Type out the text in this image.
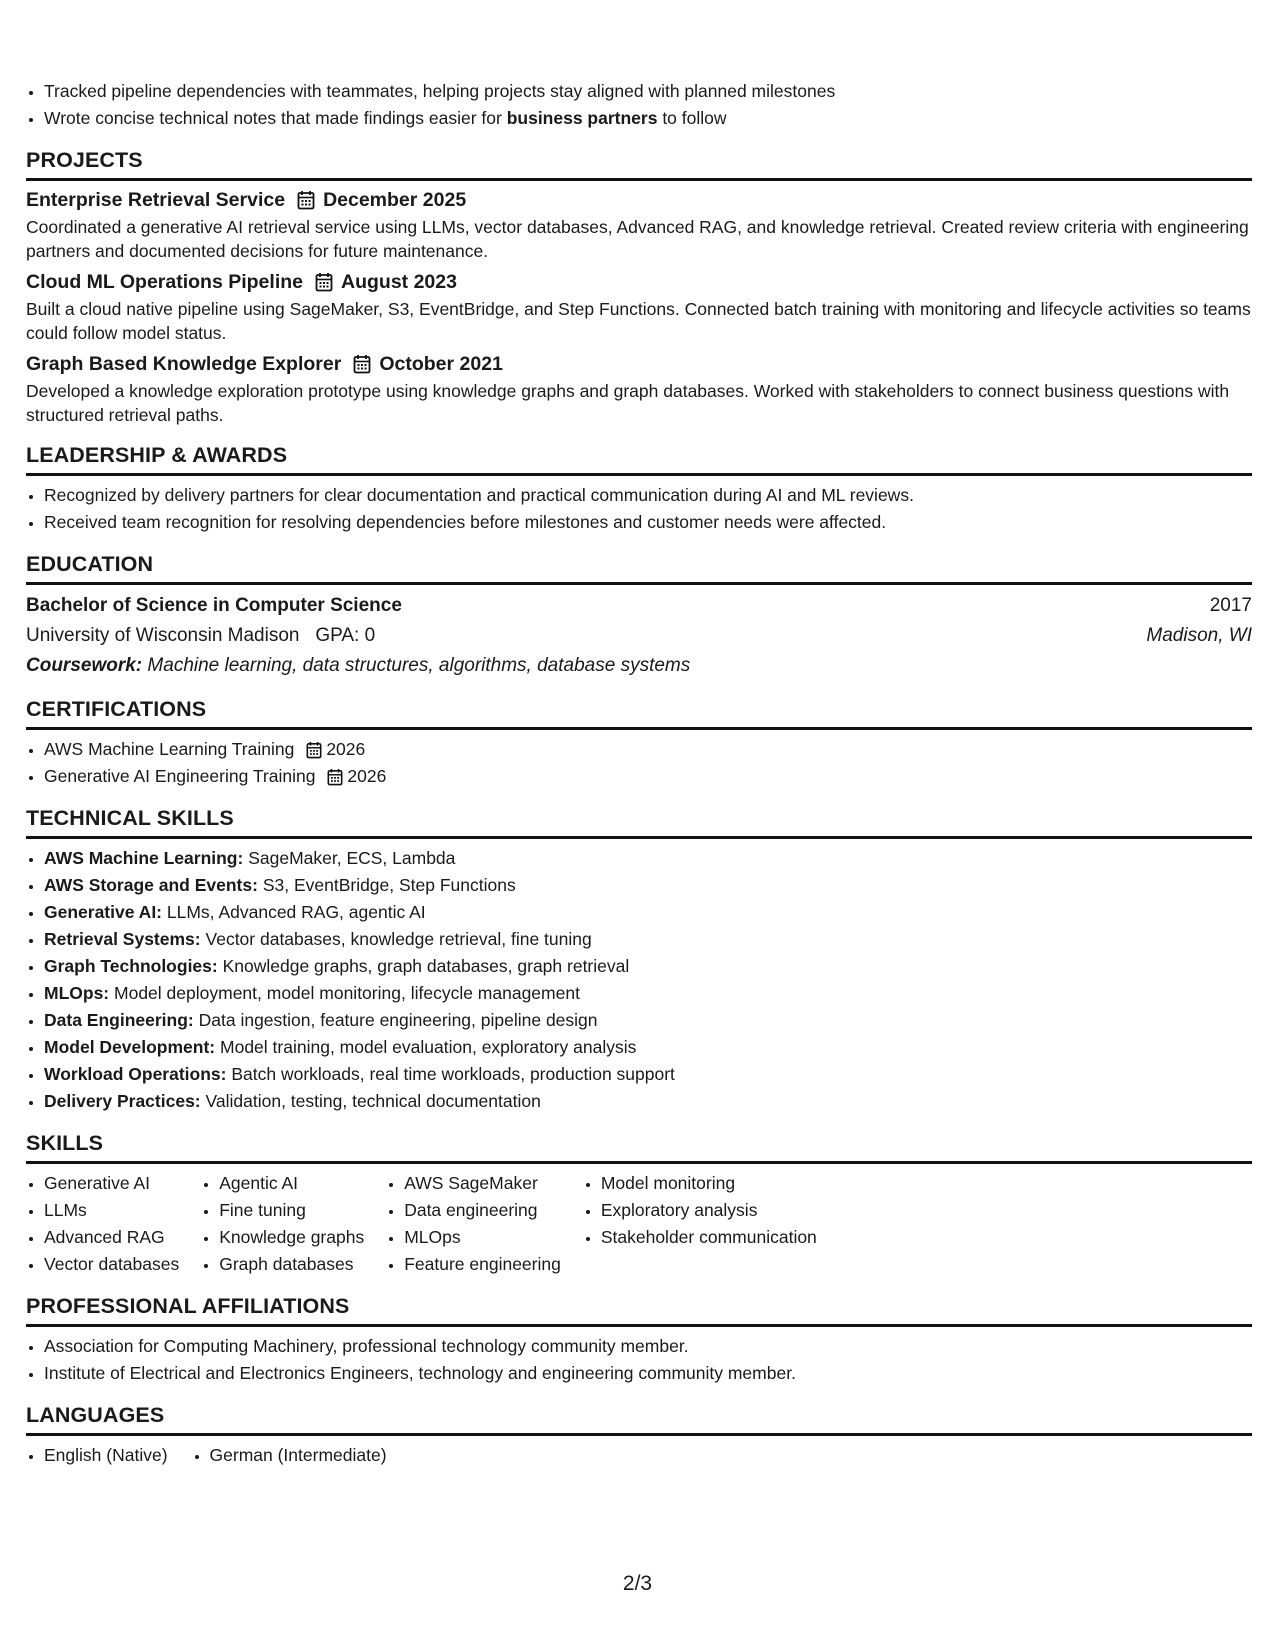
• Tracked pipeline dependencies with teammates, helping projects stay aligned with planned milestones
• Wrote concise technical notes that made findings easier for business partners to follow
PROJECTS
Enterprise Retrieval Service December 2025
Coordinated a generative AI retrieval service using LLMs, vector databases, Advanced RAG, and knowledge retrieval. Created review criteria with engineering partners and documented decisions for future maintenance.
Cloud ML Operations Pipeline August 2023
Built a cloud native pipeline using SageMaker, S3, EventBridge, and Step Functions. Connected batch training with monitoring and lifecycle activities so teams could follow model status.
Graph Based Knowledge Explorer October 2021
Developed a knowledge exploration prototype using knowledge graphs and graph databases. Worked with stakeholders to connect business questions with structured retrieval paths.
LEADERSHIP & AWARDS
• Recognized by delivery partners for clear documentation and practical communication during AI and ML reviews.
• Received team recognition for resolving dependencies before milestones and customer needs were affected.
EDUCATION
Bachelor of Science in Computer Science	2017
University of Wisconsin Madison GPA: 0	Madison, WI
Coursework: Machine learning, data structures, algorithms, database systems
CERTIFICATIONS
• AWS Machine Learning Training 2026
• Generative AI Engineering Training 2026
TECHNICAL SKILLS
• AWS Machine Learning: SageMaker, ECS, Lambda
• AWS Storage and Events: S3, EventBridge, Step Functions
• Generative AI: LLMs, Advanced RAG, agentic AI
• Retrieval Systems: Vector databases, knowledge retrieval, fine tuning
• Graph Technologies: Knowledge graphs, graph databases, graph retrieval
• MLOps: Model deployment, model monitoring, lifecycle management
• Data Engineering: Data ingestion, feature engineering, pipeline design
• Model Development: Model training, model evaluation, exploratory analysis
• Workload Operations: Batch workloads, real time workloads, production support
• Delivery Practices: Validation, testing, technical documentation
SKILLS
• Generative AI
• LLMs
• Advanced RAG
• Vector databases
• Agentic AI
• Fine tuning
• Knowledge graphs
• Graph databases
• AWS SageMaker
• Data engineering
• MLOps
• Feature engineering
• Model monitoring
• Exploratory analysis
• Stakeholder communication
PROFESSIONAL AFFILIATIONS
• Association for Computing Machinery, professional technology community member.
• Institute of Electrical and Electronics Engineers, technology and engineering community member.
LANGUAGES
• English (Native)
• German (Intermediate)
2/3
